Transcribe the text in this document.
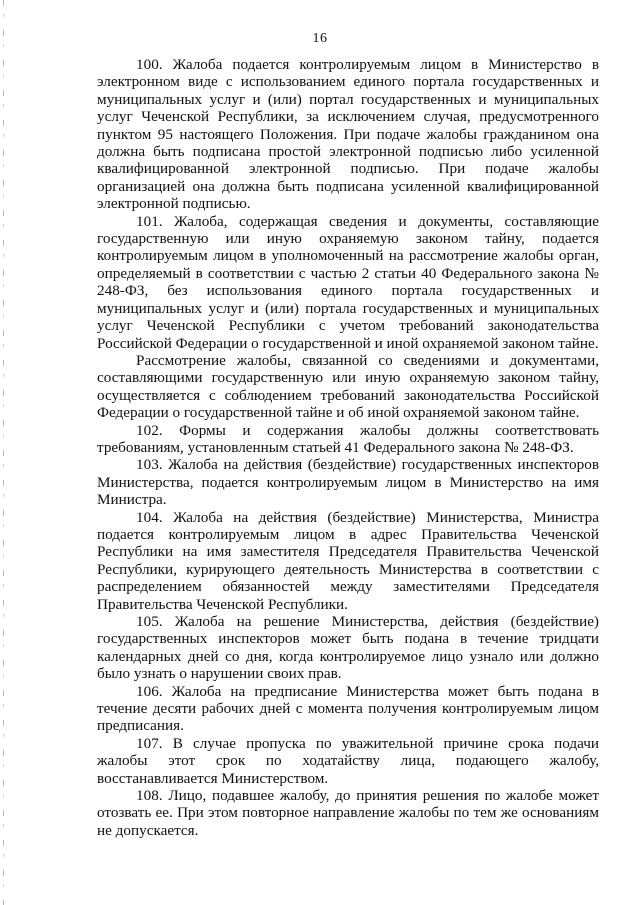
16

100. Жалоба подается контролируемым лицом в Министерство в электронном виде с использованием единого портала государственных и муниципальных услуг и (или) портал государственных и муниципальных услуг Чеченской Республики, за исключением случая, предусмотренного пунктом 95 настоящего Положения. При подаче жалобы гражданином она должна быть подписана простой электронной подписью либо усиленной квалифицированной электронной подписью. При подаче жалобы организацией она должна быть подписана усиленной квалифицированной электронной подписью.

101. Жалоба, содержащая сведения и документы, составляющие государственную или иную охраняемую законом тайну, подается контролируемым лицом в уполномоченный на рассмотрение жалобы орган, определяемый в соответствии с частью 2 статьи 40 Федерального закона № 248-ФЗ, без использования единого портала государственных и муниципальных услуг и (или) портала государственных и муниципальных услуг Чеченской Республики с учетом требований законодательства Российской Федерации о государственной и иной охраняемой законом тайне.

Рассмотрение жалобы, связанной со сведениями и документами, составляющими государственную или иную охраняемую законом тайну, осуществляется с соблюдением требований законодательства Российской Федерации о государственной тайне и об иной охраняемой законом тайне.

102. Формы и содержания жалобы должны соответствовать требованиям, установленным статьей 41 Федерального закона № 248-ФЗ.

103. Жалоба на действия (бездействие) государственных инспекторов Министерства, подается контролируемым лицом в Министерство на имя Министра.

104. Жалоба на действия (бездействие) Министерства, Министра подается контролируемым лицом в адрес Правительства Чеченской Республики на имя заместителя Председателя Правительства Чеченской Республики, курирующего деятельность Министерства в соответствии с распределением обязанностей между заместителями Председателя Правительства Чеченской Республики.

105. Жалоба на решение Министерства, действия (бездействие) государственных инспекторов может быть подана в течение тридцати календарных дней со дня, когда контролируемое лицо узнало или должно было узнать о нарушении своих прав.

106. Жалоба на предписание Министерства может быть подана в течение десяти рабочих дней с момента получения контролируемым лицом предписания.

107. В случае пропуска по уважительной причине срока подачи жалобы этот срок по ходатайству лица, подающего жалобу, восстанавливается Министерством.

108. Лицо, подавшее жалобу, до принятия решения по жалобе может отозвать ее. При этом повторное направление жалобы по тем же основаниям не допускается.
